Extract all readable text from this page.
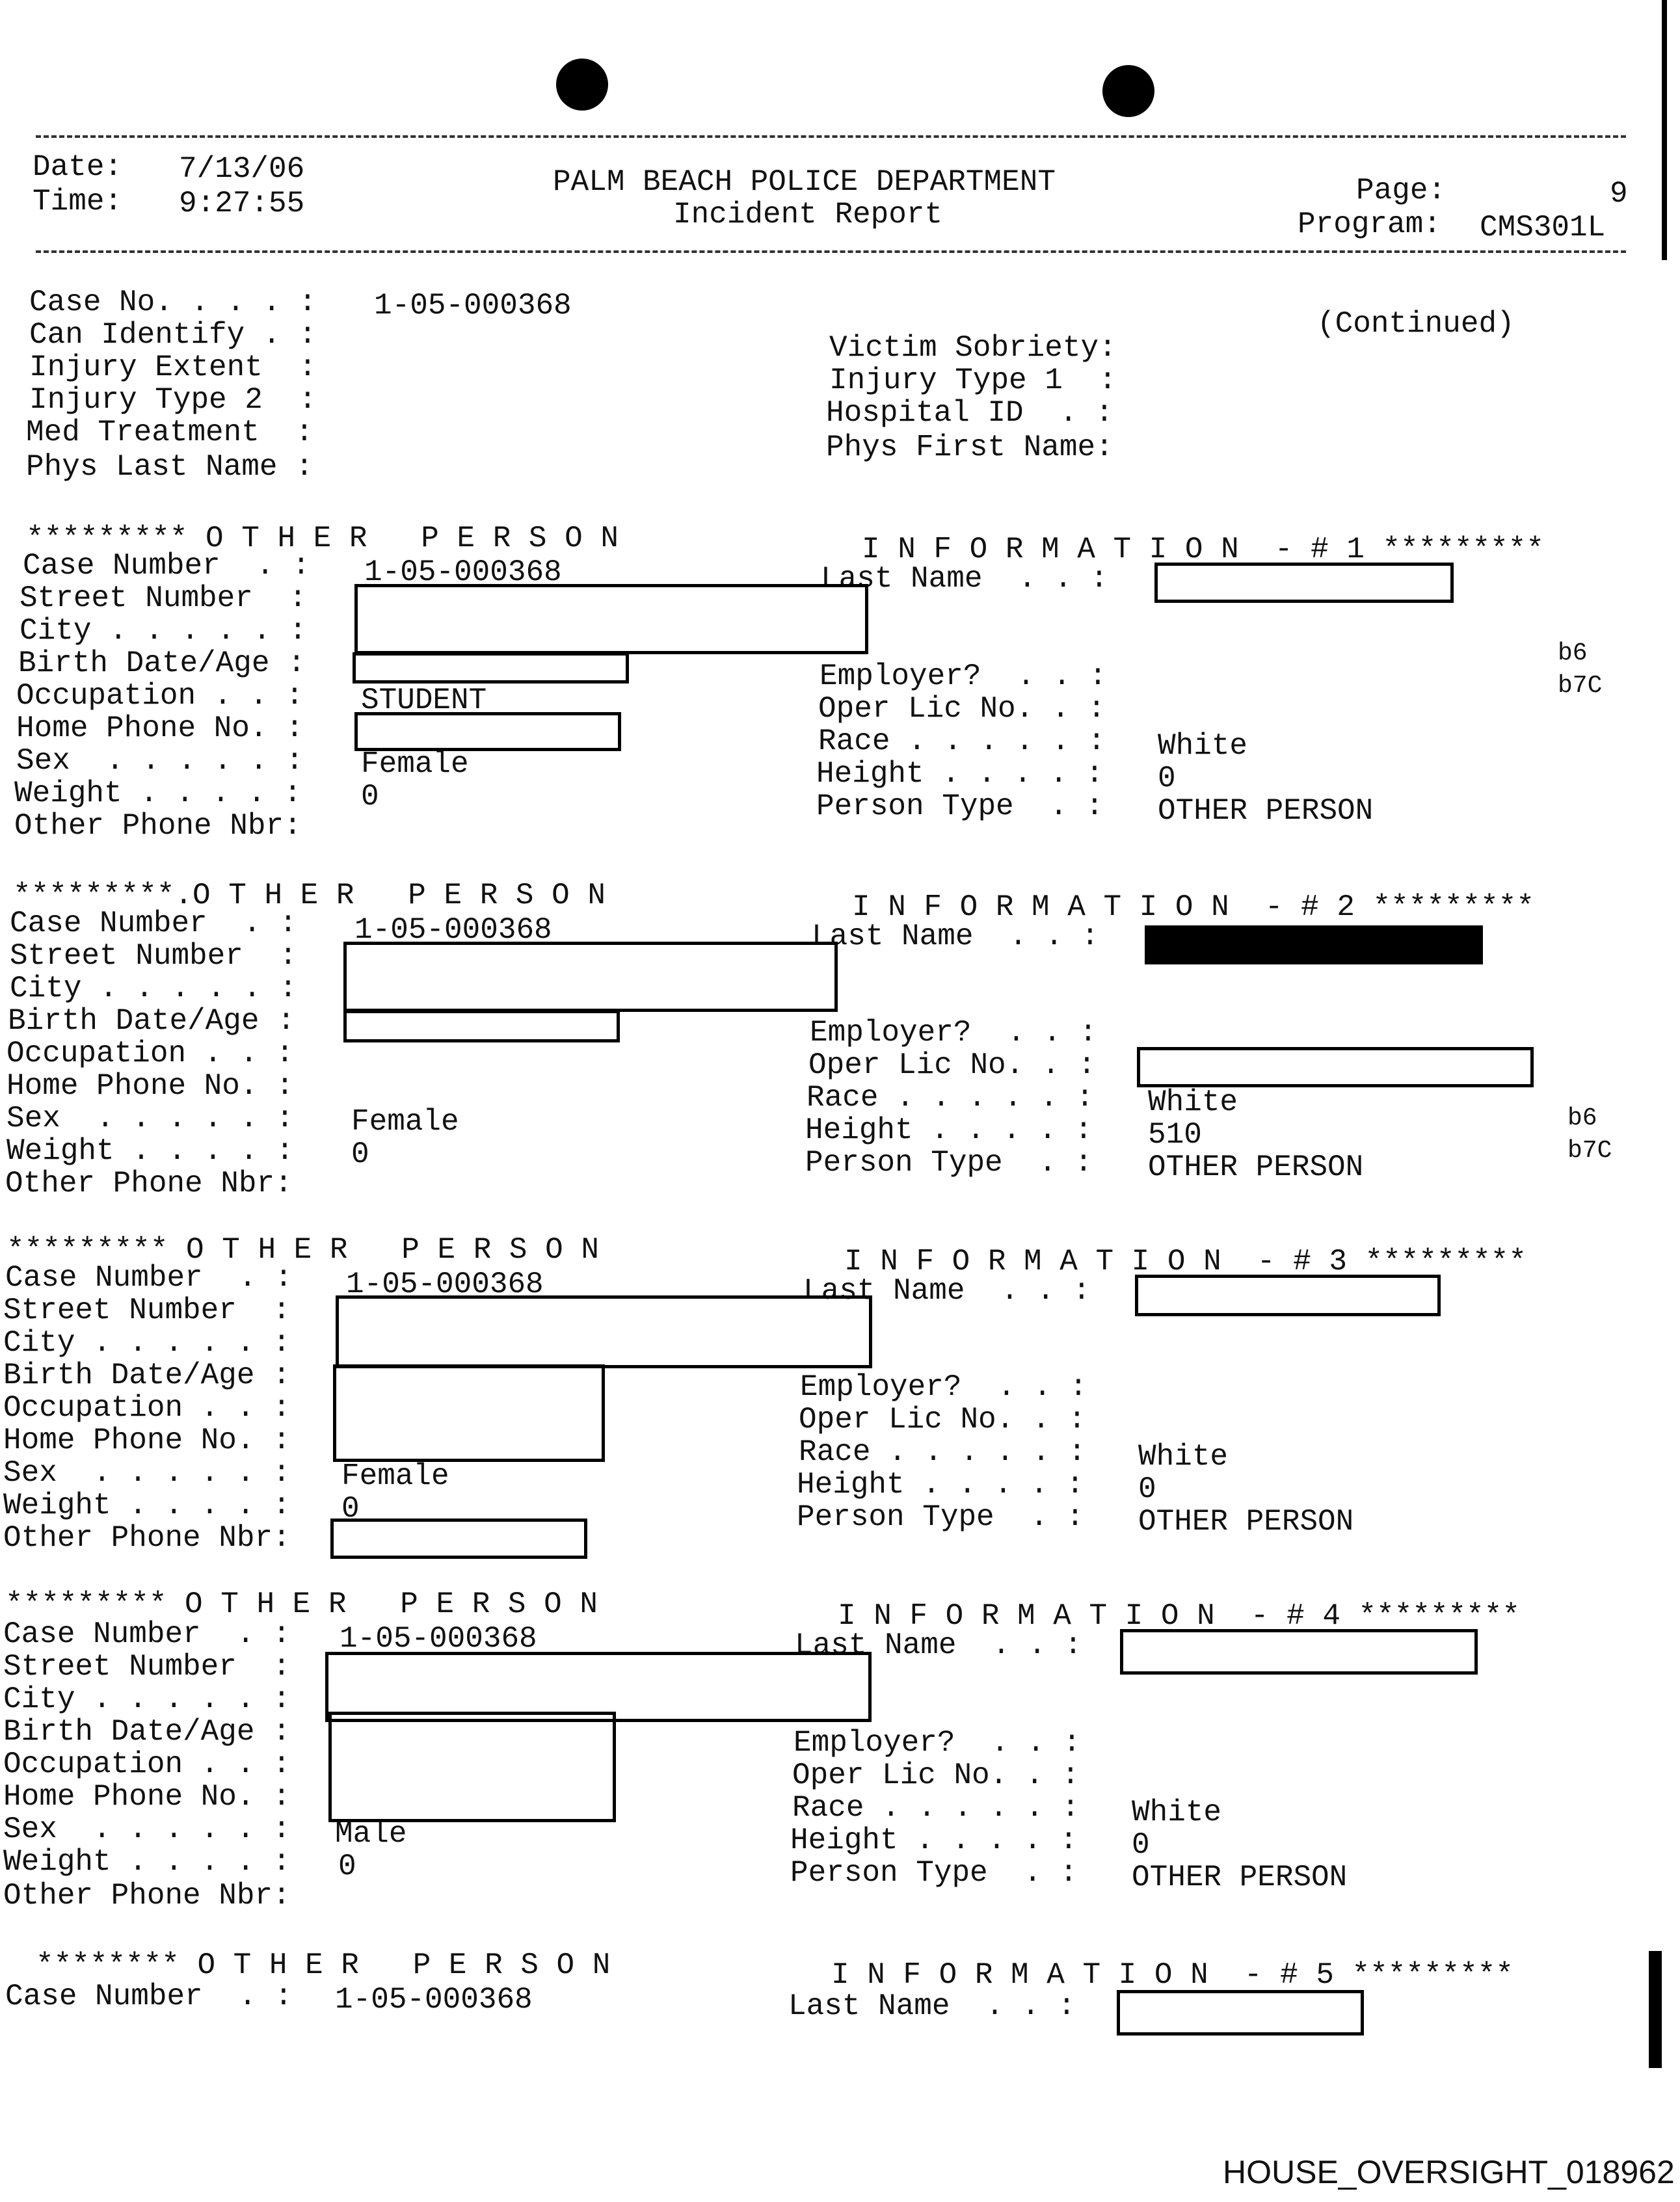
Date: 7/13/06
Time: 9:27:55
PALM BEACH POLICE DEPARTMENT
Incident Report
Page:	9
Program: CMS301L
Case No. . . . : 1-05-000368
(Continued)
Can Identify . :
Injury Extent  :
Injury Type 2  :
Med Treatment  :
Phys Last Name :
Victim Sobriety:
Injury Type 1  :
Hospital ID  . :
Phys First Name:
********* O T H E R   P E R S O N	I N F O R M A T I O N  - # 1 *********
Case Number  . : 1-05-000368
Street Number  :
City . . . . . :
Birth Date/Age :
Occupation . . : STUDENT
Home Phone No. :
Sex  . . . . . : Female
Weight . . . . : 0
Other Phone Nbr:
Last Name  . . :
Employer?  . . :
Oper Lic No. . :
Race . . . . . : White
Height . . . . : 0
Person Type  . : OTHER PERSON
b6
b7C
*********.O T H E R   P E R S O N	I N F O R M A T I O N  - # 2 *********
Case Number  . : 1-05-000368
Street Number  :
City . . . . . :
Birth Date/Age :
Occupation . . :
Home Phone No. :
Sex  . . . . . : Female
Weight . . . . : 0
Other Phone Nbr:
Last Name  . . :
Employer?  . . :
Oper Lic No. . :
Race . . . . . : White
Height . . . . : 510
Person Type  . : OTHER PERSON
b6
b7C
********* O T H E R   P E R S O N	I N F O R M A T I O N  - # 3 *********
Case Number  . : 1-05-000368
Street Number  :
City . . . . . :
Birth Date/Age :
Occupation . . :
Home Phone No. :
Sex  . . . . . : Female
Weight . . . . : 0
Other Phone Nbr:
Last Name  . . :
Employer?  . . :
Oper Lic No. . :
Race . . . . . : White
Height . . . . : 0
Person Type  . : OTHER PERSON
********* O T H E R   P E R S O N	I N F O R M A T I O N  - # 4 *********
Case Number  . : 1-05-000368
Street Number  :
City . . . . . :
Birth Date/Age :
Occupation . . :
Home Phone No. :
Sex  . . . . . : Male
Weight . . . . : 0
Other Phone Nbr:
Last Name  . . :
Employer?  . . :
Oper Lic No. . :
Race . . . . . : White
Height . . . . : 0
Person Type  . : OTHER PERSON
******** O T H E R   P E R S O N	I N F O R M A T I O N  - # 5 *********
Case Number  . : 1-05-000368	Last Name  . . :
HOUSE_OVERSIGHT_018962
